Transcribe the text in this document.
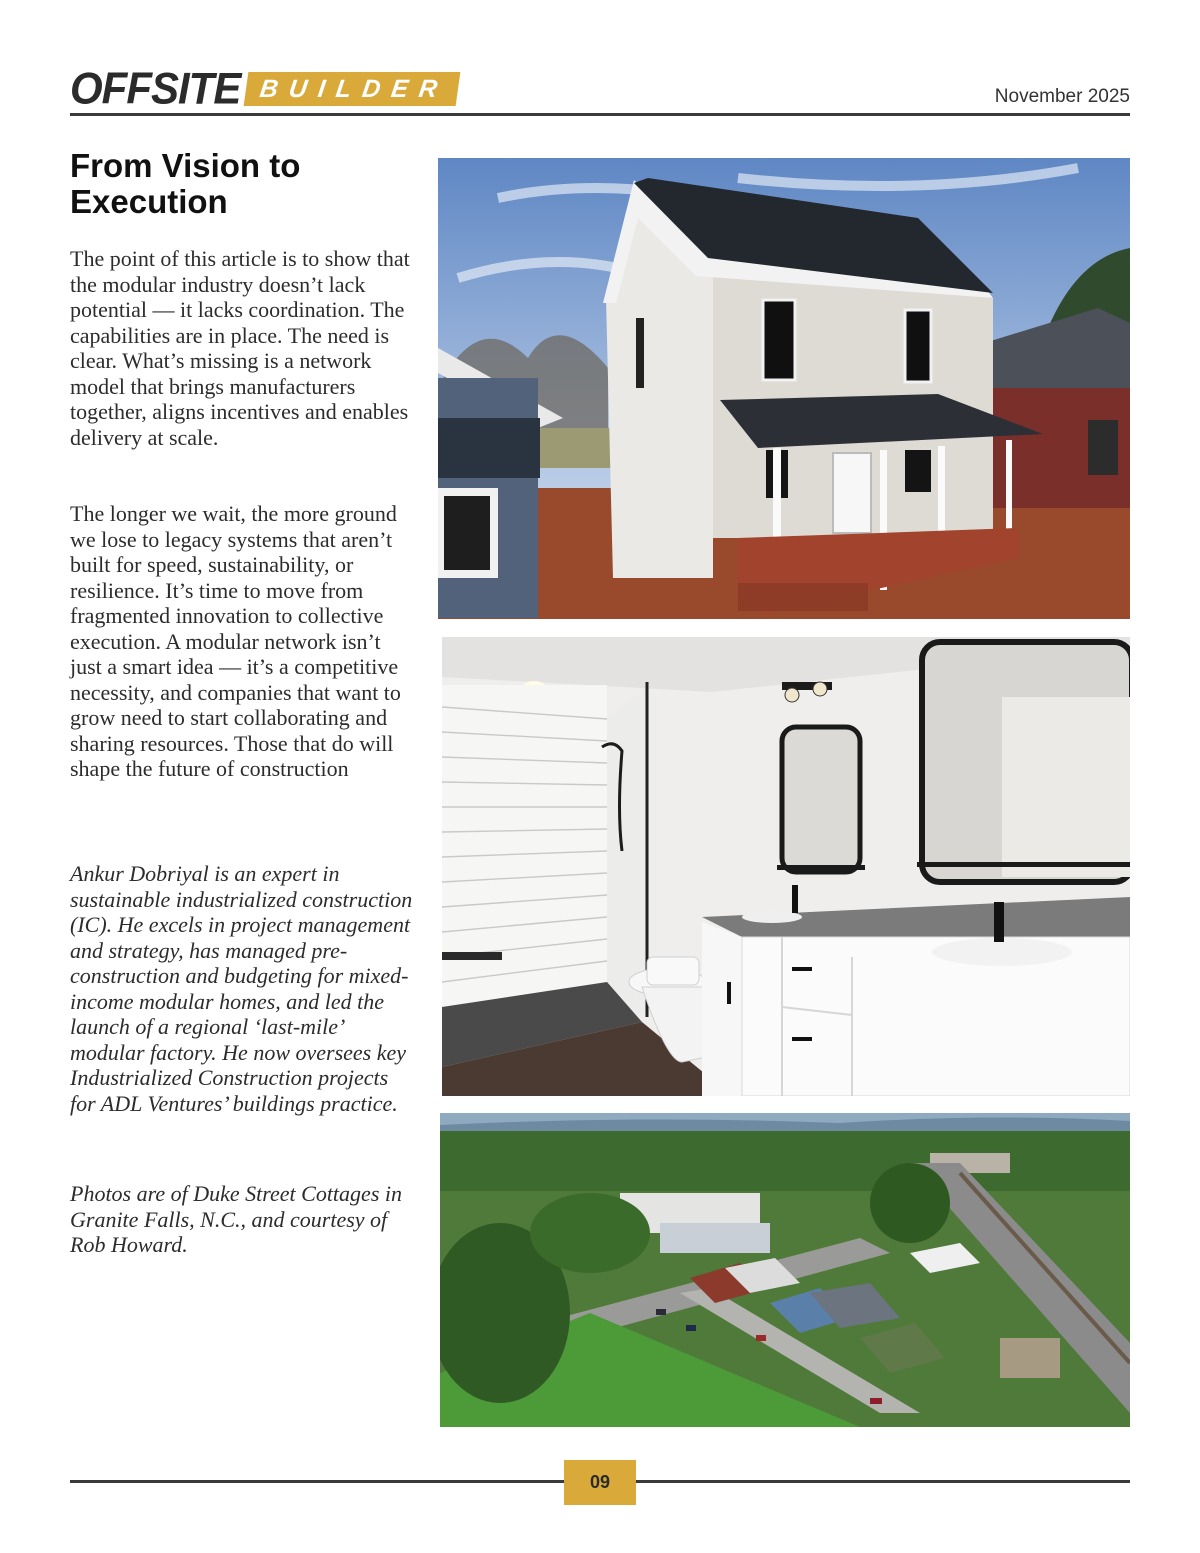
OFFSITE BUILDER	November 2025
From Vision to Execution

The point of this article is to show that the modular industry doesn’t lack potential — it lacks coordination. The capabilities are in place. The need is clear. What’s missing is a network model that brings manufacturers together, aligns incentives and enables delivery at scale.

The longer we wait, the more ground we lose to legacy systems that aren’t built for speed, sustainability, or resilience. It’s time to move from fragmented innovation to collective execution. A modular network isn’t just a smart idea — it’s a competitive necessity, and companies that want to grow need to start collaborating and sharing resources. Those that do will shape the future of construction

Ankur Dobriyal is an expert in sustainable industrialized construction (IC). He excels in project management and strategy, has managed pre-construction and budgeting for mixed-income modular homes, and led the launch of a regional ‘last-mile’ modular factory. He now oversees key Industrialized Construction projects for ADL Ventures’ buildings practice.

Photos are of Duke Street Cottages in Granite Falls, N.C., and courtesy of Rob Howard.

09
